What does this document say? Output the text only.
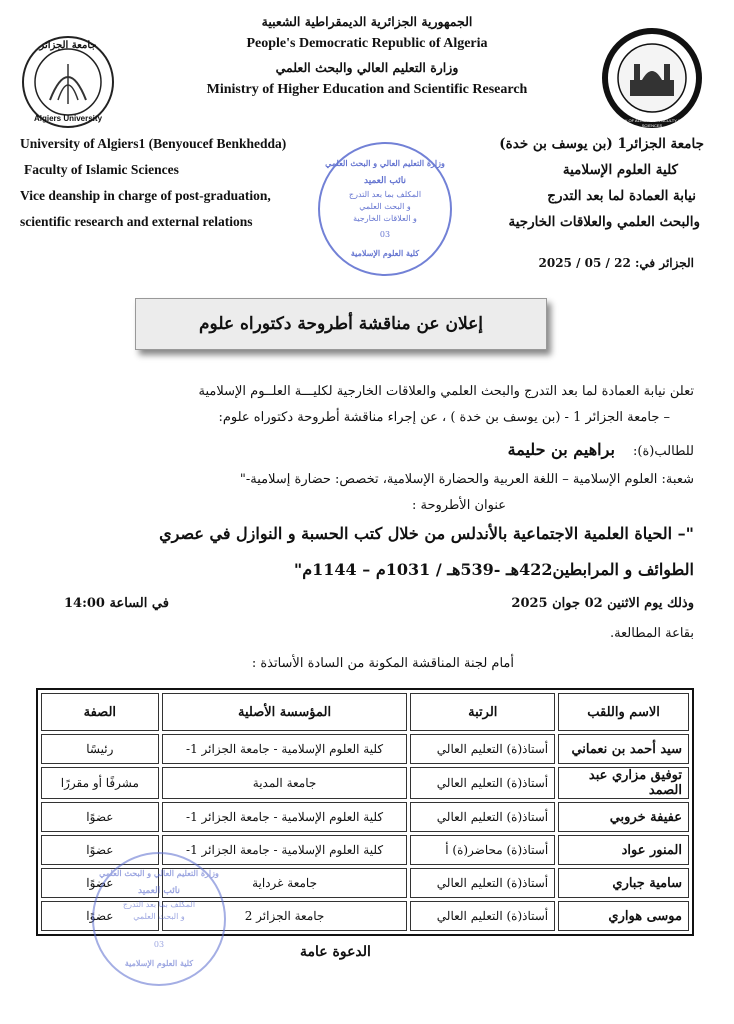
الجمهورية الجزائرية الديمقراطية الشعبية
People's Democratic Republic of Algeria
وزارة التعليم العالي والبحث العلمي
Ministry of Higher Education and Scientific Research
جامعة الجزائر
Algiers University	UNIVERSITY OF ALGIERS 1 - FACULTY OF ISLAMIC SCIENCES
University of Algiers1 (Benyoucef Benkhedda)
Faculty of Islamic Sciences
Vice deanship in charge of post-graduation,
scientific research and external relations
جامعة الجزائر1 (بن يوسف بن خدة)
كلية العلوم الإسلامية
نيابة العمادة لما بعد التدرج
والبحث العلمي والعلاقات الخارجية
وزارة التعليم العالي و البحث العلمي
نائب العميد
المكلف بما بعد التدرج
و البحث العلمي
و العلاقات الخارجية
03
كلية العلوم الإسلامية
الجزائر في: 22 / 05 / 2025
إعلان عن مناقشة أطروحة دكتوراه علوم
تعلن نيابة العمادة لما بعد التدرج والبحث العلمي والعلاقات الخارجية لكليـــة العلــوم الإسلامية
– جامعة الجزائر 1 - (بن يوسف بن خدة ) ، عن إجراء مناقشة أطروحة دكتوراه علوم:
للطالب(ة): براهيم بن حليمة
شعبة: العلوم الإسلامية – اللغة العربية والحضارة الإسلامية، تخصص: حضارة إسلامية-"
عنوان الأطروحة :
"– الحياة العلمية الاجتماعية بالأندلس من خلال كتب الحسبة و النوازل في عصري
الطوائف و المرابطين422هـ -539هـ / 1031م – 1144م"
وذلك يوم الاثنين 02 جوان 2025
في الساعة 14:00
بقاعة المطالعة.
أمام لجنة المناقشة المكونة من السادة الأساتذة :
الاسم واللقب	الرتبة	المؤسسة الأصلية	الصفة
سيد أحمد بن نعماني	أستاذ(ة) التعليم العالي	كلية العلوم الإسلامية - جامعة الجزائر 1-	رئيسًا
توفيق مزاري عبد الصمد	أستاذ(ة) التعليم العالي	جامعة المدية	مشرفًا أو مقررًا
عفيفة خروبي	أستاذ(ة) التعليم العالي	كلية العلوم الإسلامية - جامعة الجزائر 1-	عضوًا
المنور عواد	أستاذ(ة) محاضر(ة) أ	كلية العلوم الإسلامية - جامعة الجزائر 1-	عضوًا
سامية جباري	أستاذ(ة) التعليم العالي	جامعة غرداية	عضوًا
موسى هواري	أستاذ(ة) التعليم العالي	جامعة الجزائر 2	عضوًا
وزارة التعليم العالي و البحث العلمي
نائب العميد
المكلف بما بعد التدرج
و البحث العلمي
03
كلية العلوم الإسلامية
الدعوة عامة
